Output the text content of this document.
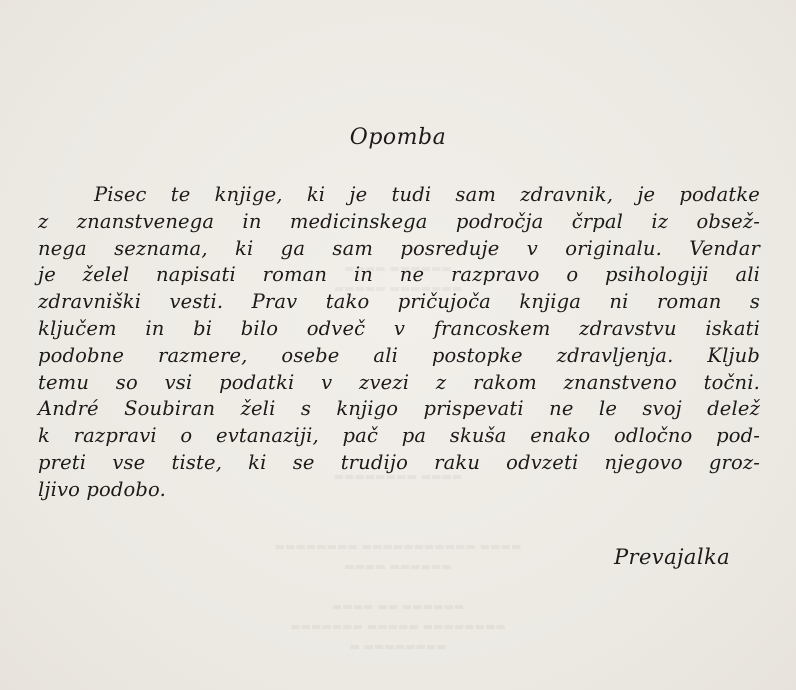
Opomba
Pisec te knjige, ki je tudi sam zdravnik, je podatke
z znanstvenega in medicinskega področja črpal iz obsež-
nega seznama, ki ga sam posreduje v originalu. Vendar
je želel napisati roman in ne razpravo o psihologiji ali
zdravniški vesti. Prav tako pričujoča knjiga ni roman s
ključem in bi bilo odveč v francoskem zdravstvu iskati
podobne razmere, osebe ali postopke zdravljenja. Kljub
temu so vsi podatki v zvezi z rakom znanstveno točni.
André Soubiran želi s knjigo prispevati ne le svoj delež
k razpravi o evtanaziji, pač pa skuša enako odločno pod-
preti vse tiste, ki se trudijo raku odvzeti njegovo groz-
ljivo podobo.
Prevajalka
